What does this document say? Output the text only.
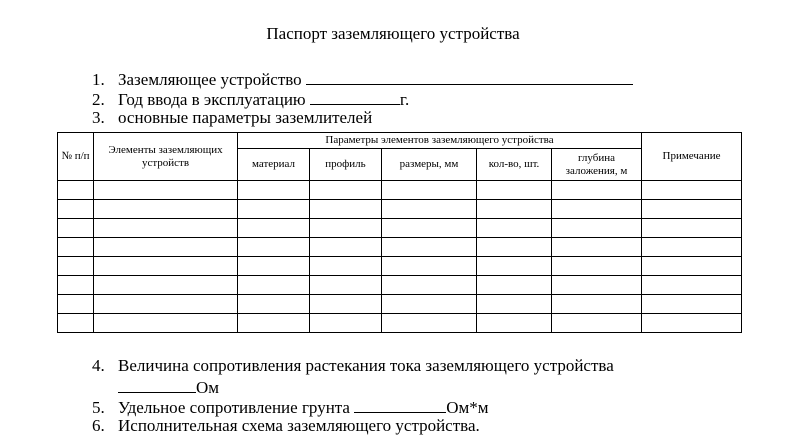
Паспорт заземляющего устройства
1. Заземляющее устройство
2. Год ввода в эксплуатацию	г.
3. основные параметры заземлителей
№ п/п	Элементы заземляющих устройств	Параметры элементов заземляющего устройства					Примечание
		материал	профиль	размеры, мм	кол-во, шт.	глубина заложения, м	

4. Величина сопротивления растекания тока заземляющего устройства
Ом
5. Удельное сопротивление грунта	Ом*м
6. Исполнительная схема заземляющего устройства.
